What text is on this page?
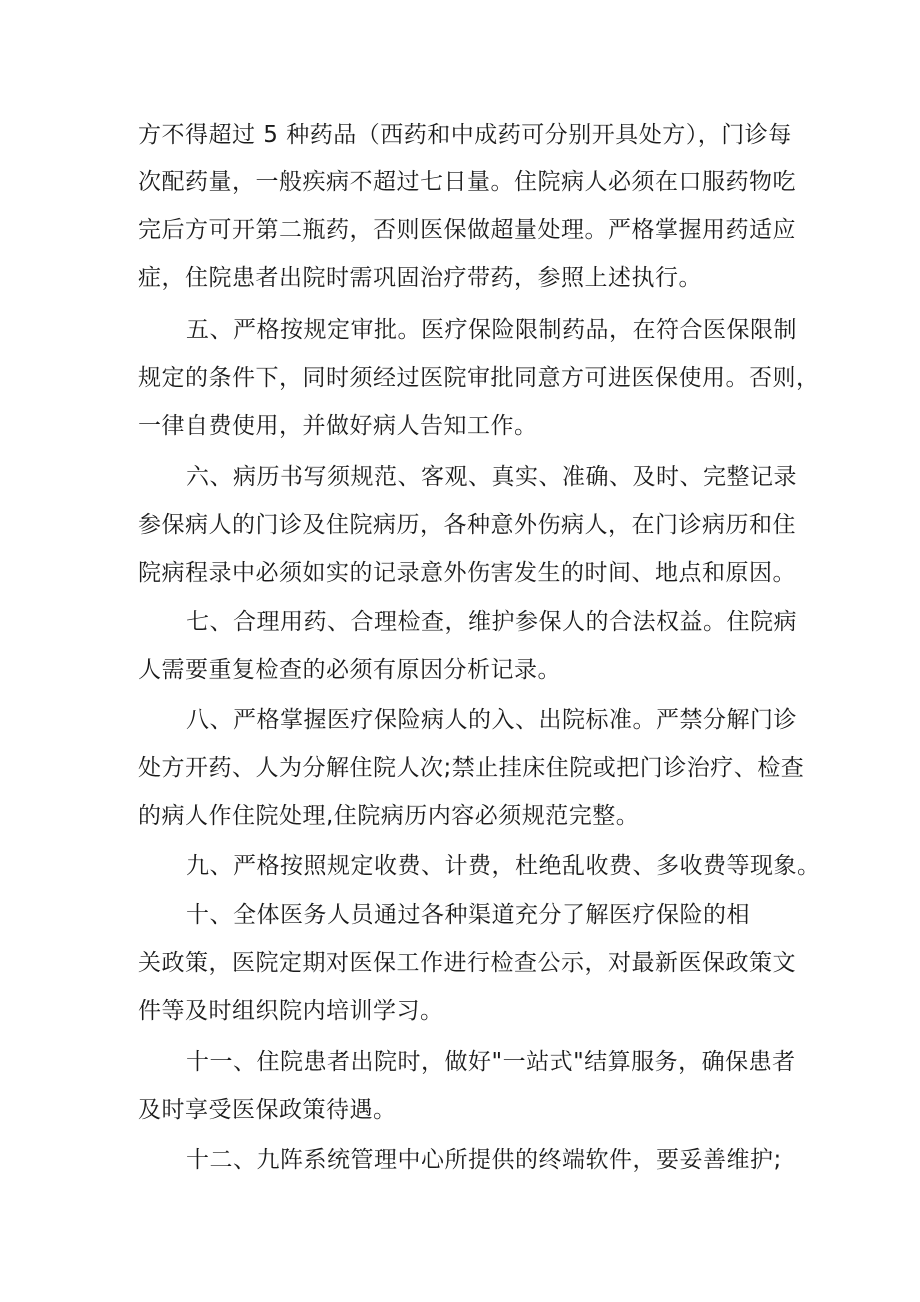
方不得超过 5 种药品（西药和中成药可分别开具处方），门诊每
次配药量，一般疾病不超过七日量。住院病人必须在口服药物吃
完后方可开第二瓶药，否则医保做超量处理。严格掌握用药适应
症，住院患者出院时需巩固治疗带药，参照上述执行。
五、严格按规定审批。医疗保险限制药品，在符合医保限制
规定的条件下，同时须经过医院审批同意方可进医保使用。否则，
一律自费使用，并做好病人告知工作。
六、病历书写须规范、客观、真实、准确、及时、完整记录
参保病人的门诊及住院病历，各种意外伤病人，在门诊病历和住
院病程录中必须如实的记录意外伤害发生的时间、地点和原因。
七、合理用药、合理检查，维护参保人的合法权益。住院病
人需要重复检查的必须有原因分析记录。
八、严格掌握医疗保险病人的入、出院标准。严禁分解门诊
处方开药、人为分解住院人次;禁止挂床住院或把门诊治疗、检查
的病人作住院处理,住院病历内容必须规范完整。
九、严格按照规定收费、计费，杜绝乱收费、多收费等现象。
十、全体医务人员通过各种渠道充分了解医疗保险的相
关政策，医院定期对医保工作进行检查公示，对最新医保政策文
件等及时组织院内培训学习。
十一、住院患者出院时，做好"一站式"结算服务，确保患者
及时享受医保政策待遇。
十二、九阵系统管理中心所提供的终端软件，要妥善维护;
